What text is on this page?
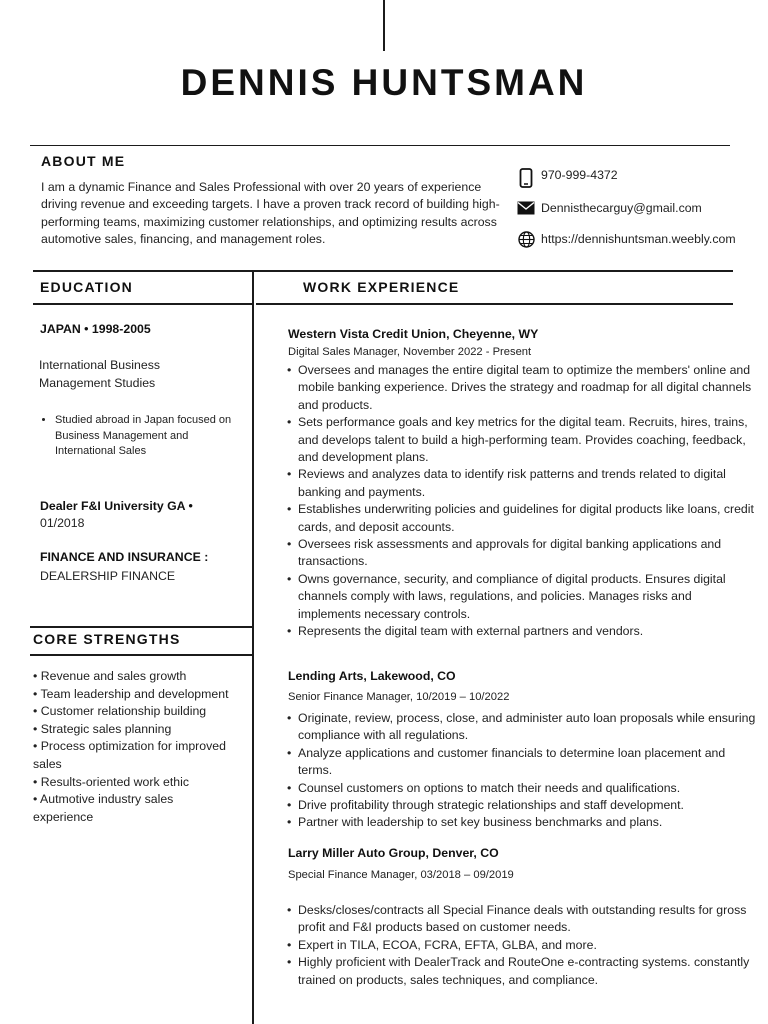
DENNIS HUNTSMAN
ABOUT ME
I am a dynamic Finance and Sales Professional with over 20 years of experience driving revenue and exceeding targets. I have a proven track record of building high-performing teams, maximizing customer relationships, and optimizing results across automotive sales, financing, and management roles.
970-999-4372
Dennisthecarguy@gmail.com
https://dennishuntsman.weebly.com
EDUCATION
JAPAN • 1998-2005
International Business Management Studies
• Studied abroad in Japan focused on Business Management and International Sales
Dealer F&I University GA •
01/2018
FINANCE AND INSURANCE :
DEALERSHIP FINANCE
CORE STRENGTHS
• Revenue and sales growth
• Team leadership and development
• Customer relationship building
• Strategic sales planning
• Process optimization for improved sales
• Results-oriented work ethic
• Autmotive industry sales experience
WORK EXPERIENCE
Western Vista Credit Union, Cheyenne, WY
Digital Sales Manager, November 2022 - Present
• Oversees and manages the entire digital team to optimize the members' online and mobile banking experience. Drives the strategy and roadmap for all digital channels and products.
• Sets performance goals and key metrics for the digital team. Recruits, hires, trains, and develops talent to build a high-performing team. Provides coaching, feedback, and development plans.
• Reviews and analyzes data to identify risk patterns and trends related to digital banking and payments.
• Establishes underwriting policies and guidelines for digital products like loans, credit cards, and deposit accounts.
• Oversees risk assessments and approvals for digital banking applications and transactions.
• Owns governance, security, and compliance of digital products. Ensures digital channels comply with laws, regulations, and policies. Manages risks and implements necessary controls.
• Represents the digital team with external partners and vendors.
Lending Arts, Lakewood, CO
Senior Finance Manager, 10/2019 – 10/2022
• Originate, review, process, close, and administer auto loan proposals while ensuring compliance with all regulations.
• Analyze applications and customer financials to determine loan placement and terms.
• Counsel customers on options to match their needs and qualifications.
• Drive profitability through strategic relationships and staff development.
• Partner with leadership to set key business benchmarks and plans.
Larry Miller Auto Group, Denver, CO
Special Finance Manager, 03/2018 – 09/2019
• Desks/closes/contracts all Special Finance deals with outstanding results for gross profit and F&I products based on customer needs.
• Expert in TILA, ECOA, FCRA, EFTA, GLBA, and more.
• Highly proficient with DealerTrack and RouteOne e-contracting systems. constantly trained on products, sales techniques, and compliance.
